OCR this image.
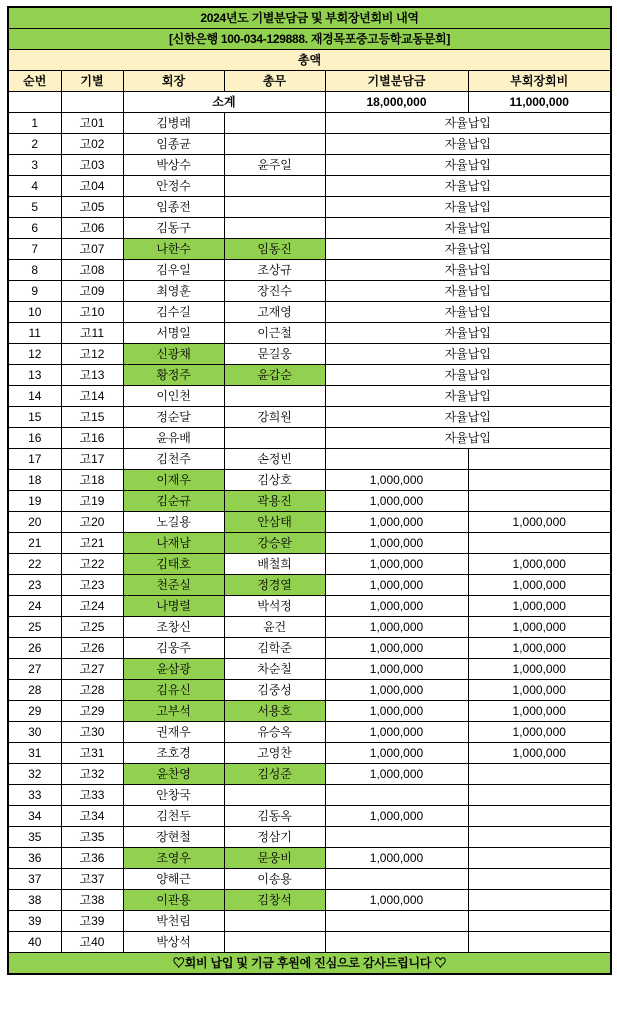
2024년도 기별분담금 및 부회장년회비 내역					
[신한은행 100-034-129888. 재경목포중고등학교동문회]					
총액					
순번	기별	회장	총무	기별분담금	부회장회비
		소계		18,000,000	11,000,000
1	고01	김병래		자율납입	
2	고02	임종균		자율납입	
3	고03	박상수	윤주일	자율납입	
4	고04	안정수		자율납입	
5	고05	임종전		자율납입	
6	고06	김동구		자율납입	
7	고07	나한수	임동진	자율납입	
8	고08	김우일	조상규	자율납입	
9	고09	최영훈	장진수	자율납입	
10	고10	김수길	고재영	자율납입	
11	고11	서명일	이근철	자율납입	
12	고12	신광채	문길웅	자율납입	
13	고13	황정주	윤갑순	자율납입	
14	고14	이인천		자율납입	
15	고15	정순달	강희원	자율납입	
16	고16	윤유배		자율납입	
17	고17	김천주	손정빈		
18	고18	이재우	김상호	1,000,000	
19	고19	김순규	곽용진	1,000,000	
20	고20	노길용	안삼태	1,000,000	1,000,000
21	고21	나재남	강승완	1,000,000	
22	고22	김태호	배철희	1,000,000	1,000,000
23	고23	천준실	정경열	1,000,000	1,000,000
24	고24	나명렬	박석정	1,000,000	1,000,000
25	고25	조창신	윤건	1,000,000	1,000,000
26	고26	김웅주	김학준	1,000,000	1,000,000
27	고27	윤삼광	차순칠	1,000,000	1,000,000
28	고28	김유신	김중성	1,000,000	1,000,000
29	고29	고부석	서용호	1,000,000	1,000,000
30	고30	권재우	유승옥	1,000,000	1,000,000
31	고31	조호경	고영찬	1,000,000	1,000,000
32	고32	윤찬영	김성준	1,000,000	
33	고33	안창국			
34	고34	김천두	김동옥	1,000,000	
35	고35	장현철	정삼기		
36	고36	조영우	문웅비	1,000,000	
37	고37	양해근	이송용		
38	고38	이관용	김창석	1,000,000	
39	고39	박천림			
40	고40	박상석			
♡회비 납입 및 기금 후원에 진심으로 감사드립니다 ♡					
